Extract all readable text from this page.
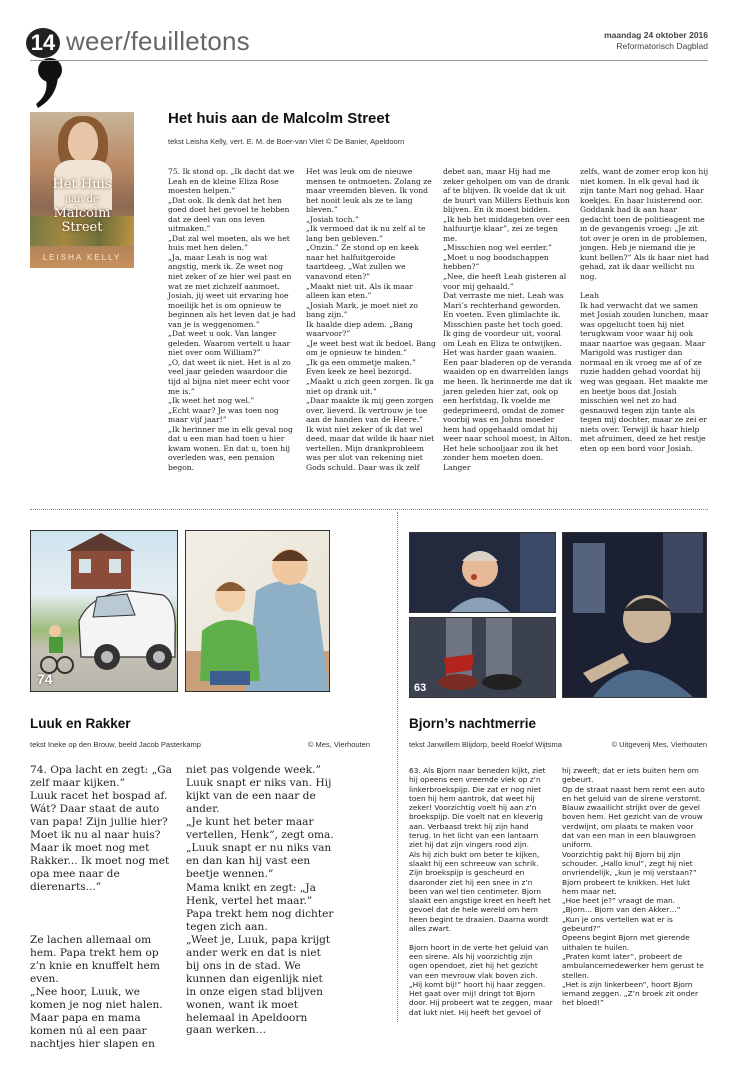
14 weer/feuilletons	maandag 24 oktober 2016
Reformatorisch Dagblad
Het Huis
aan de
Malcolm
Street
LEISHA KELLY
Het huis aan de Malcolm Street
tekst Leisha Kelly, vert. E. M. de Boer-van Vliet © De Banier, Apeldoorn
75. Ik stond op. „Ik dacht dat we Leah en de kleine Eliza Rose moesten helpen.”
„Dat ook. Ik denk dat het hen goed doet het gevoel te hebben dat ze deel van ons leven uitmaken.”
„Dat zal wel moeten, als we het huis met hen delen.”
„Ja, maar Leah is nog wat angstig, merk ik. Ze weet nog niet zeker of ze hier wel past en wat ze met zichzelf aanmoet. Josiah, jij weet uit ervaring hoe moeilijk het is om opnieuw te beginnen als het leven dat je had van je is weggenomen.”
„Dat weet u ook. Van langer geleden. Waarom vertelt u haar niet over oom William?”
„O, dat weet ik niet. Het is al zo veel jaar geleden waardoor die tijd al bijna niet meer echt voor me is.”
„Ik weet het nog wel.”
„Echt waar? Je was toen nog maar vijf jaar!”
„Ik herinner me in elk geval nog dat u een man had toen u hier kwam wonen. En dat u, toen hij overleden was, een pension begon.
Het was leuk om de nieuwe mensen te ontmoeten. Zolang ze maar vreemden bleven. Ik vond het nooit leuk als ze te lang bleven.”
„Josiah toch.”
„Ik vermoed dat ik nu zelf al te lang ben gebleven.”
„Onzin.” Ze stond op en keek naar het halfuitgeroide taartdeeg. „Wat zullen we vanavond eten?”
„Maakt niet uit. Als ik maar alleen kan eten.”
„Josiah Mark, je moet niet zo bang zijn.”
Ik haalde diep adem. „Bang waarvoor?”
„Je weet best wat ik bedoel. Bang om je opnieuw te binden.”
„Ik ga een ommetje maken.”
Even keek ze heel bezorgd.
„Maakt u zich geen zorgen. Ik ga niet op drank uit.”
„Daar maakte ik mij geen zorgen over, lieverd. Ik vertrouw je toe aan de handen van de Heere.”
Ik wist niet zeker of ik dat wel deed, maar dat wilde ik haar niet vertellen. Mijn drankprobleem was per slot van rekening niet Gods schuld. Daar was ik zelf
debet aan, maar Hij had me zeker geholpen om van de drank af te blijven. Ik voelde dat ik uit de buurt van Millers Eethuis kon blijven. En ik moest bidden.
„Ik heb het middageten over een halfuurtje klaar”, zei ze tegen me.
„Misschien nog wel eerder.”
„Moet u nog boodschappen hebben?”
„Nee, die heeft Leah gisteren al voor mij gehaald.”
Dat verraste me niet. Leah was Mari’s rechterhand geworden. En voeten. Even glimlachte ik. Misschien paste het toch goed.
Ik ging de voordeur uit, vooral om Leah en Eliza te ontwijken.
Het was harder gaan waaien.
Een paar bladeren op de veranda waaiden op en dwarrelden langs me heen. Ik herinnerde me dat ik jaren geleden hier zat, ook op een herfstdag. Ik voelde me gedeprimeerd, omdat de zomer voorbij was en Johns moeder hem had opgehaald omdat hij weer naar school moest, in Alton. Het hele schooljaar zou ik het zonder hem moeten doen. Langer
zelfs, want de zomer erop kon hij niet komen. In elk geval had ik zijn tante Mari nog gehad. Haar koekjes. En haar luisterend oor. Goddank had ik aan haar gedacht toen de politieagent me in de gevangenis vroeg: „Je zit tot over je oren in de problemen, jongen. Heb je niemand die je kunt bellen?” Als ik haar niet had gehad, zat ik daar wellicht nu nog.

Leah
Ik had verwacht dat we samen met Josiah zouden lunchen, maar was opgelucht toen hij niet terugkwam voor waar hij ook maar naartoe was gegaan. Maar Marigold was rustiger dan normaal en ik vroeg me af of ze ruzie hadden gehad voordat hij weg was gegaan. Het maakte me en beetje boos dat Josiah misschien wel net zo had gesnauwd tegen zijn tante als tegen mij dochter, maar ze zei er niets over. Terwijl ik haar hielp met afruimen, deed ze het restje eten op een bord voor Josiah.
74
Luuk en Rakker
tekst Ineke op den Brouw, beeld Jacob Pasterkamp	© Mes, Vierhouten
74. Opa lacht en zegt: „Ga zelf maar kijken.”
Luuk racet het bospad af. Wát? Daar staat de auto van papa! Zijn jullie hier? Moet ik nu al naar huis? Maar ik moet nog met Rakker... Ik moet nog met opa mee naar de dierenarts...”
Ze lachen allemaal om hem. Papa trekt hem op z’n knie en knuffelt hem even.
„Nee hoor, Luuk, we komen je nog niet halen. Maar papa en mama komen nú al een paar nachtjes hier slapen en
niet pas volgende week.” Luuk snapt er niks van. Hij kijkt van de een naar de ander.
„Je kunt het beter maar vertellen, Henk”, zegt oma. „Luuk snapt er nu niks van en dan kan hij vast een beetje wennen.”
Mama knikt en zegt: „Ja Henk, vertel het maar.” Papa trekt hem nog dichter tegen zich aan.
„Weet je, Luuk, papa krijgt ander werk en dat is niet bij ons in de stad. We kunnen dan eigenlijk niet in onze eigen stad blijven wonen, want ik moet helemaal in Apeldoorn gaan werken…
63
Bjorn’s nachtmerrie
tekst Janwillem Blijdorp, beeld Roelof Wijtsma	© Uitgeverij Mes, Vierhouten
63. Als Bjorn naar beneden kijkt, ziet hij opeens een vreemde vlek op z’n linkerbroekspijp. Die zat er nog niet toen hij hem aantrok, dat weet hij zeker! Voorzichtig voelt hij aan z’n broekspijp. Die voelt nat en kleverig aan. Verbaasd trekt hij zijn hand terug. In het licht van een lantaarn ziet hij dat zijn vingers rood zijn.
Als hij zich bukt om beter te kijken, slaakt hij een schreeuw van schrik. Zijn broekspijp is gescheurd en daaronder ziet hij een snee in z’n been van wel tien centimeter. Bjorn slaakt een angstige kreet en heeft het gevoel dat de hele wereld om hem heen begint te draaien. Daarna wordt alles zwart.

Bjorn hoort in de verte het geluid van een sirene. Als hij voorzichtig zijn ogen opendoet, ziet hij het gezicht van een mevrouw vlak boven zich. „Hij komt bij!” hoort hij haar zeggen.
Het gaat over mij! dringt tot Bjorn door. Hij probeert wat te zeggen, maar dat lukt niet. Hij heeft het gevoel of
hij zweeft; dat er iets buiten hem om gebeurt.
Op de straat naast hem remt een auto en het geluid van de sirene verstomt. Blauw zwaailicht strijkt over de gevel boven hem. Het gezicht van de vrouw verdwijnt, om plaats te maken voor dat van een man in een blauwgroen uniform.
Voorzichtig pakt hij Bjorn bij zijn schouder. „Hallo knul”, zegt hij niet onvriendelijk, „kun je mij verstaan?” Bjorn probeert te knikken. Het lukt hem maar net.
„Hoe heet je?” vraagt de man.
„Bjorn… Bjorn van den Akker…”
„Kun je ons vertellen wat er is gebeurd?”
Opeens begint Bjorn met gierende uithalen te huilen.
„Praten komt later”, probeert de ambulancemedewerker hem gerust te stellen.
„Het is zijn linkerbeen”, hoort Bjorn iemand zeggen. „Z’n broek zit onder het bloed!”
